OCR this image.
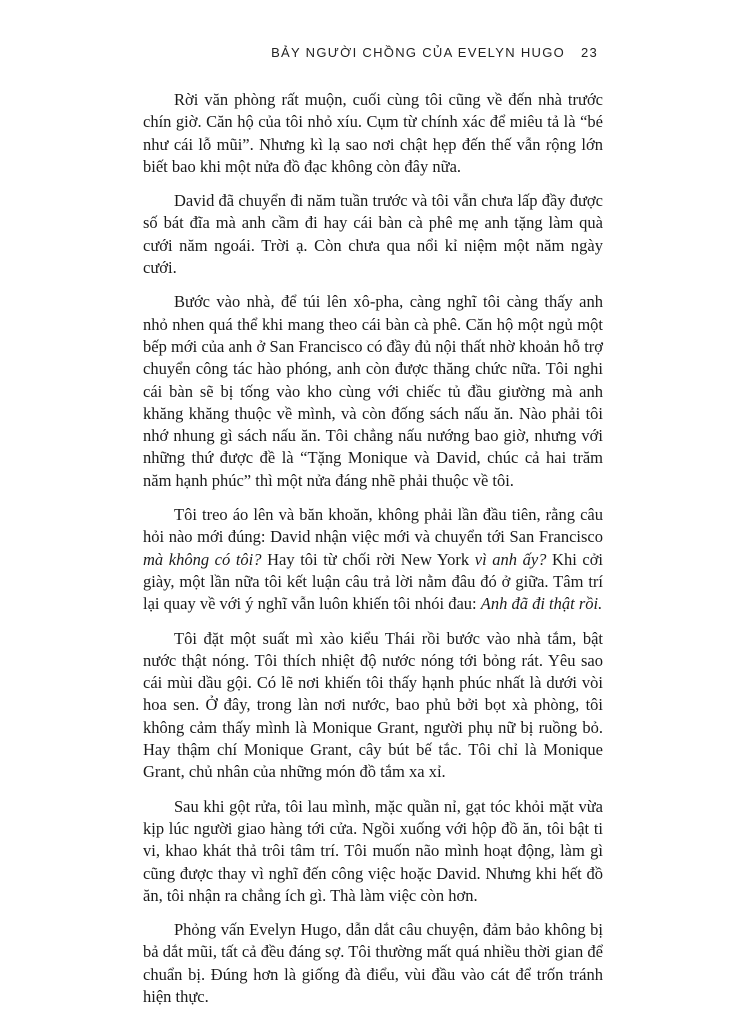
BẢY NGƯỜI CHỒNG CỦA EVELYN HUGO 23

Rời văn phòng rất muộn, cuối cùng tôi cũng về đến nhà trước chín giờ. Căn hộ của tôi nhỏ xíu. Cụm từ chính xác để miêu tả là “bé như cái lỗ mũi”. Nhưng kì lạ sao nơi chật hẹp đến thế vẫn rộng lớn biết bao khi một nửa đồ đạc không còn đây nữa.

David đã chuyển đi năm tuần trước và tôi vẫn chưa lấp đầy được số bát đĩa mà anh cầm đi hay cái bàn cà phê mẹ anh tặng làm quà cưới năm ngoái. Trời ạ. Còn chưa qua nổi kỉ niệm một năm ngày cưới.

Bước vào nhà, để túi lên xô-pha, càng nghĩ tôi càng thấy anh nhỏ nhen quá thể khi mang theo cái bàn cà phê. Căn hộ một ngủ một bếp mới của anh ở San Francisco có đầy đủ nội thất nhờ khoản hỗ trợ chuyển công tác hào phóng, anh còn được thăng chức nữa. Tôi nghi cái bàn sẽ bị tống vào kho cùng với chiếc tủ đầu giường mà anh khăng khăng thuộc về mình, và còn đống sách nấu ăn. Nào phải tôi nhớ nhung gì sách nấu ăn. Tôi chẳng nấu nướng bao giờ, nhưng với những thứ được đề là “Tặng Monique và David, chúc cả hai trăm năm hạnh phúc” thì một nửa đáng nhẽ phải thuộc về tôi.

Tôi treo áo lên và băn khoăn, không phải lần đầu tiên, rằng câu hỏi nào mới đúng: David nhận việc mới và chuyển tới San Francisco mà không có tôi? Hay tôi từ chối rời New York vì anh ấy? Khi cởi giày, một lần nữa tôi kết luận câu trả lời nằm đâu đó ở giữa. Tâm trí lại quay về với ý nghĩ vẫn luôn khiến tôi nhói đau: Anh đã đi thật rồi.

Tôi đặt một suất mì xào kiểu Thái rồi bước vào nhà tắm, bật nước thật nóng. Tôi thích nhiệt độ nước nóng tới bỏng rát. Yêu sao cái mùi dầu gội. Có lẽ nơi khiến tôi thấy hạnh phúc nhất là dưới vòi hoa sen. Ở đây, trong làn nơi nước, bao phủ bởi bọt xà phòng, tôi không cảm thấy mình là Monique Grant, người phụ nữ bị ruồng bỏ. Hay thậm chí Monique Grant, cây bút bế tắc. Tôi chỉ là Monique Grant, chủ nhân của những món đồ tắm xa xỉ.

Sau khi gột rửa, tôi lau mình, mặc quần nỉ, gạt tóc khỏi mặt vừa kịp lúc người giao hàng tới cửa. Ngồi xuống với hộp đồ ăn, tôi bật ti vi, khao khát thả trôi tâm trí. Tôi muốn não mình hoạt động, làm gì cũng được thay vì nghĩ đến công việc hoặc David. Nhưng khi hết đồ ăn, tôi nhận ra chẳng ích gì. Thà làm việc còn hơn.

Phỏng vấn Evelyn Hugo, dẫn dắt câu chuyện, đảm bảo không bị bả dắt mũi, tất cả đều đáng sợ. Tôi thường mất quá nhiều thời gian để chuẩn bị. Đúng hơn là giống đà điểu, vùi đầu vào cát để trốn tránh hiện thực.
